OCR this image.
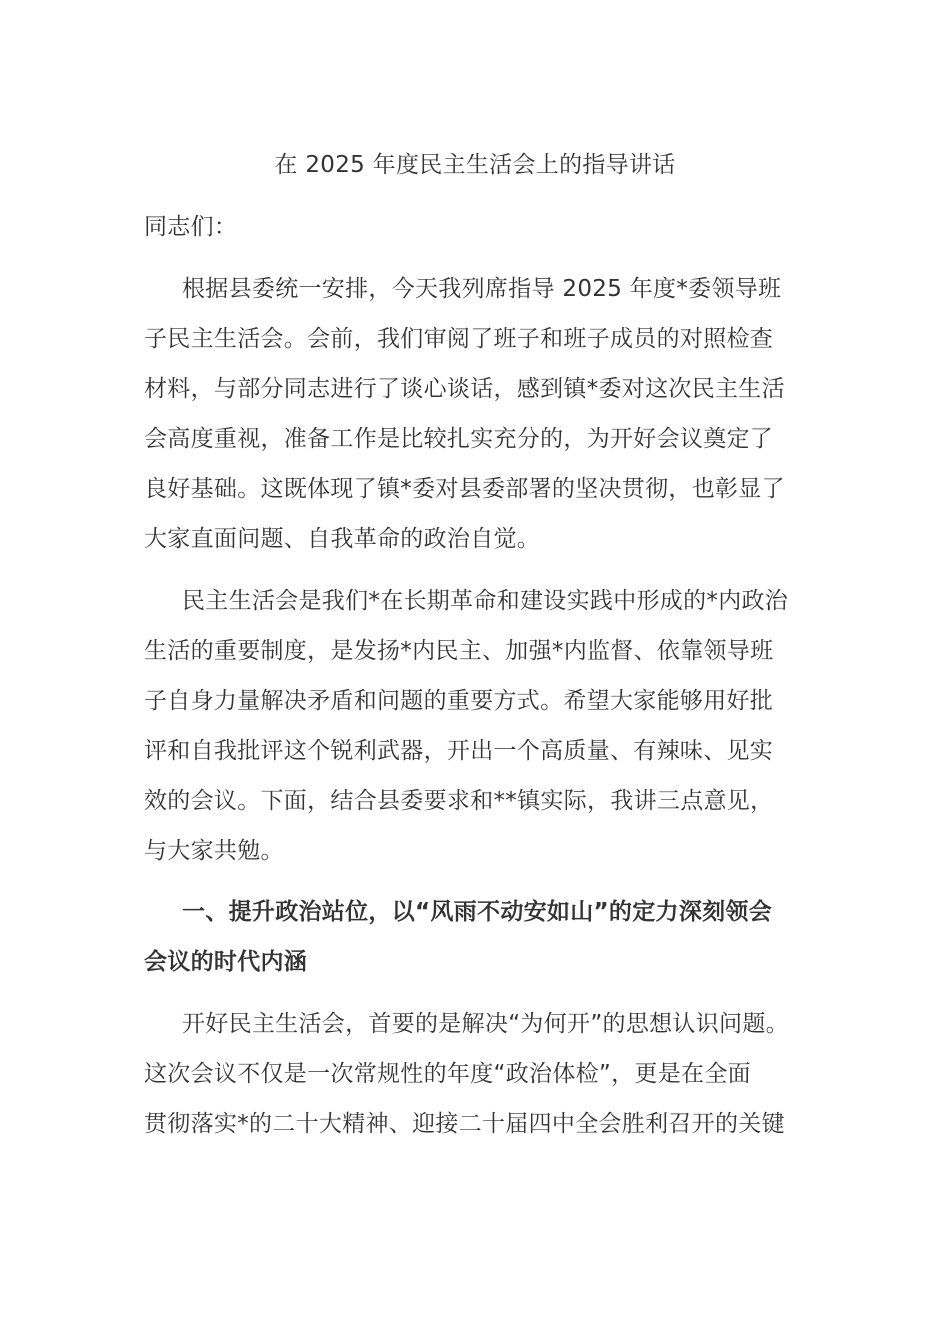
在 2025 年度民主生活会上的指导讲话
同志们：
根据县委统一安排，今天我列席指导 2025 年度*委领导班
子民主生活会。会前，我们审阅了班子和班子成员的对照检查
材料，与部分同志进行了谈心谈话，感到镇*委对这次民主生活
会高度重视，准备工作是比较扎实充分的，为开好会议奠定了
良好基础。这既体现了镇*委对县委部署的坚决贯彻，也彰显了
大家直面问题、自我革命的政治自觉。
民主生活会是我们*在长期革命和建设实践中形成的*内政治
生活的重要制度，是发扬*内民主、加强*内监督、依靠领导班
子自身力量解决矛盾和问题的重要方式。希望大家能够用好批
评和自我批评这个锐利武器，开出一个高质量、有辣味、见实
效的会议。下面，结合县委要求和**镇实际，我讲三点意见，
与大家共勉。
一、提升政治站位，以“风雨不动安如山”的定力深刻领会
会议的时代内涵
开好民主生活会，首要的是解决“为何开”的思想认识问题。
这次会议不仅是一次常规性的年度“政治体检”，更是在全面
贯彻落实*的二十大精神、迎接二十届四中全会胜利召开的关键
